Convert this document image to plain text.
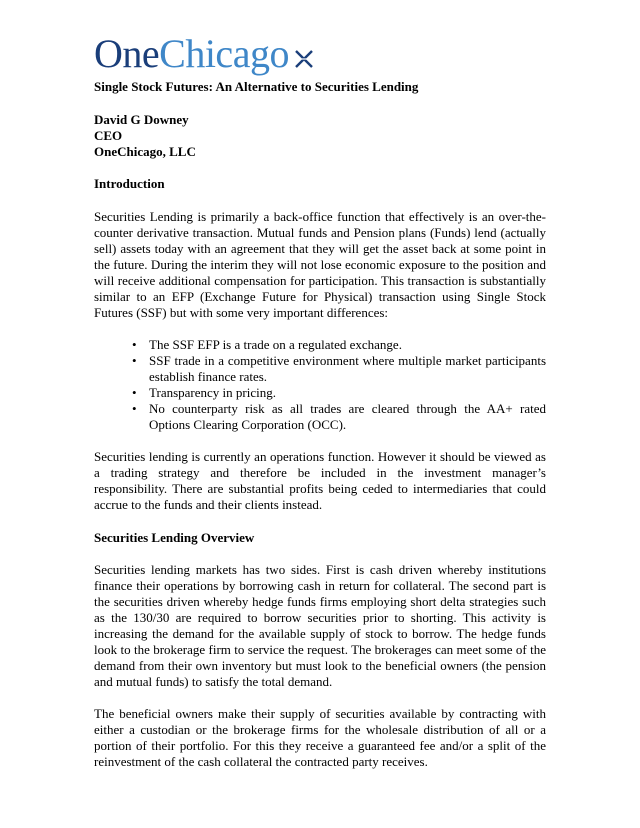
OneChicago
Single Stock Futures: An Alternative to Securities Lending
David G Downey
CEO
OneChicago, LLC
Introduction

Securities Lending is primarily a back-office function that effectively is an over-the-counter derivative transaction. Mutual funds and Pension plans (Funds) lend (actually sell) assets today with an agreement that they will get the asset back at some point in the future. During the interim they will not lose economic exposure to the position and will receive additional compensation for participation. This transaction is substantially similar to an EFP (Exchange Future for Physical) transaction using Single Stock Futures (SSF) but with some very important differences:

• The SSF EFP is a trade on a regulated exchange.
• SSF trade in a competitive environment where multiple market participants establish finance rates.
• Transparency in pricing.
• No counterparty risk as all trades are cleared through the AA+ rated Options Clearing Corporation (OCC).

Securities lending is currently an operations function. However it should be viewed as a trading strategy and therefore be included in the investment manager’s responsibility. There are substantial profits being ceded to intermediaries that could accrue to the funds and their clients instead.

Securities Lending Overview

Securities lending markets has two sides. First is cash driven whereby institutions finance their operations by borrowing cash in return for collateral. The second part is the securities driven whereby hedge funds firms employing short delta strategies such as the 130/30 are required to borrow securities prior to shorting. This activity is increasing the demand for the available supply of stock to borrow. The hedge funds look to the brokerage firm to service the request. The brokerages can meet some of the demand from their own inventory but must look to the beneficial owners (the pension and mutual funds) to satisfy the total demand.

The beneficial owners make their supply of securities available by contracting with either a custodian or the brokerage firms for the wholesale distribution of all or a portion of their portfolio. For this they receive a guaranteed fee and/or a split of the reinvestment of the cash collateral the contracted party receives.
